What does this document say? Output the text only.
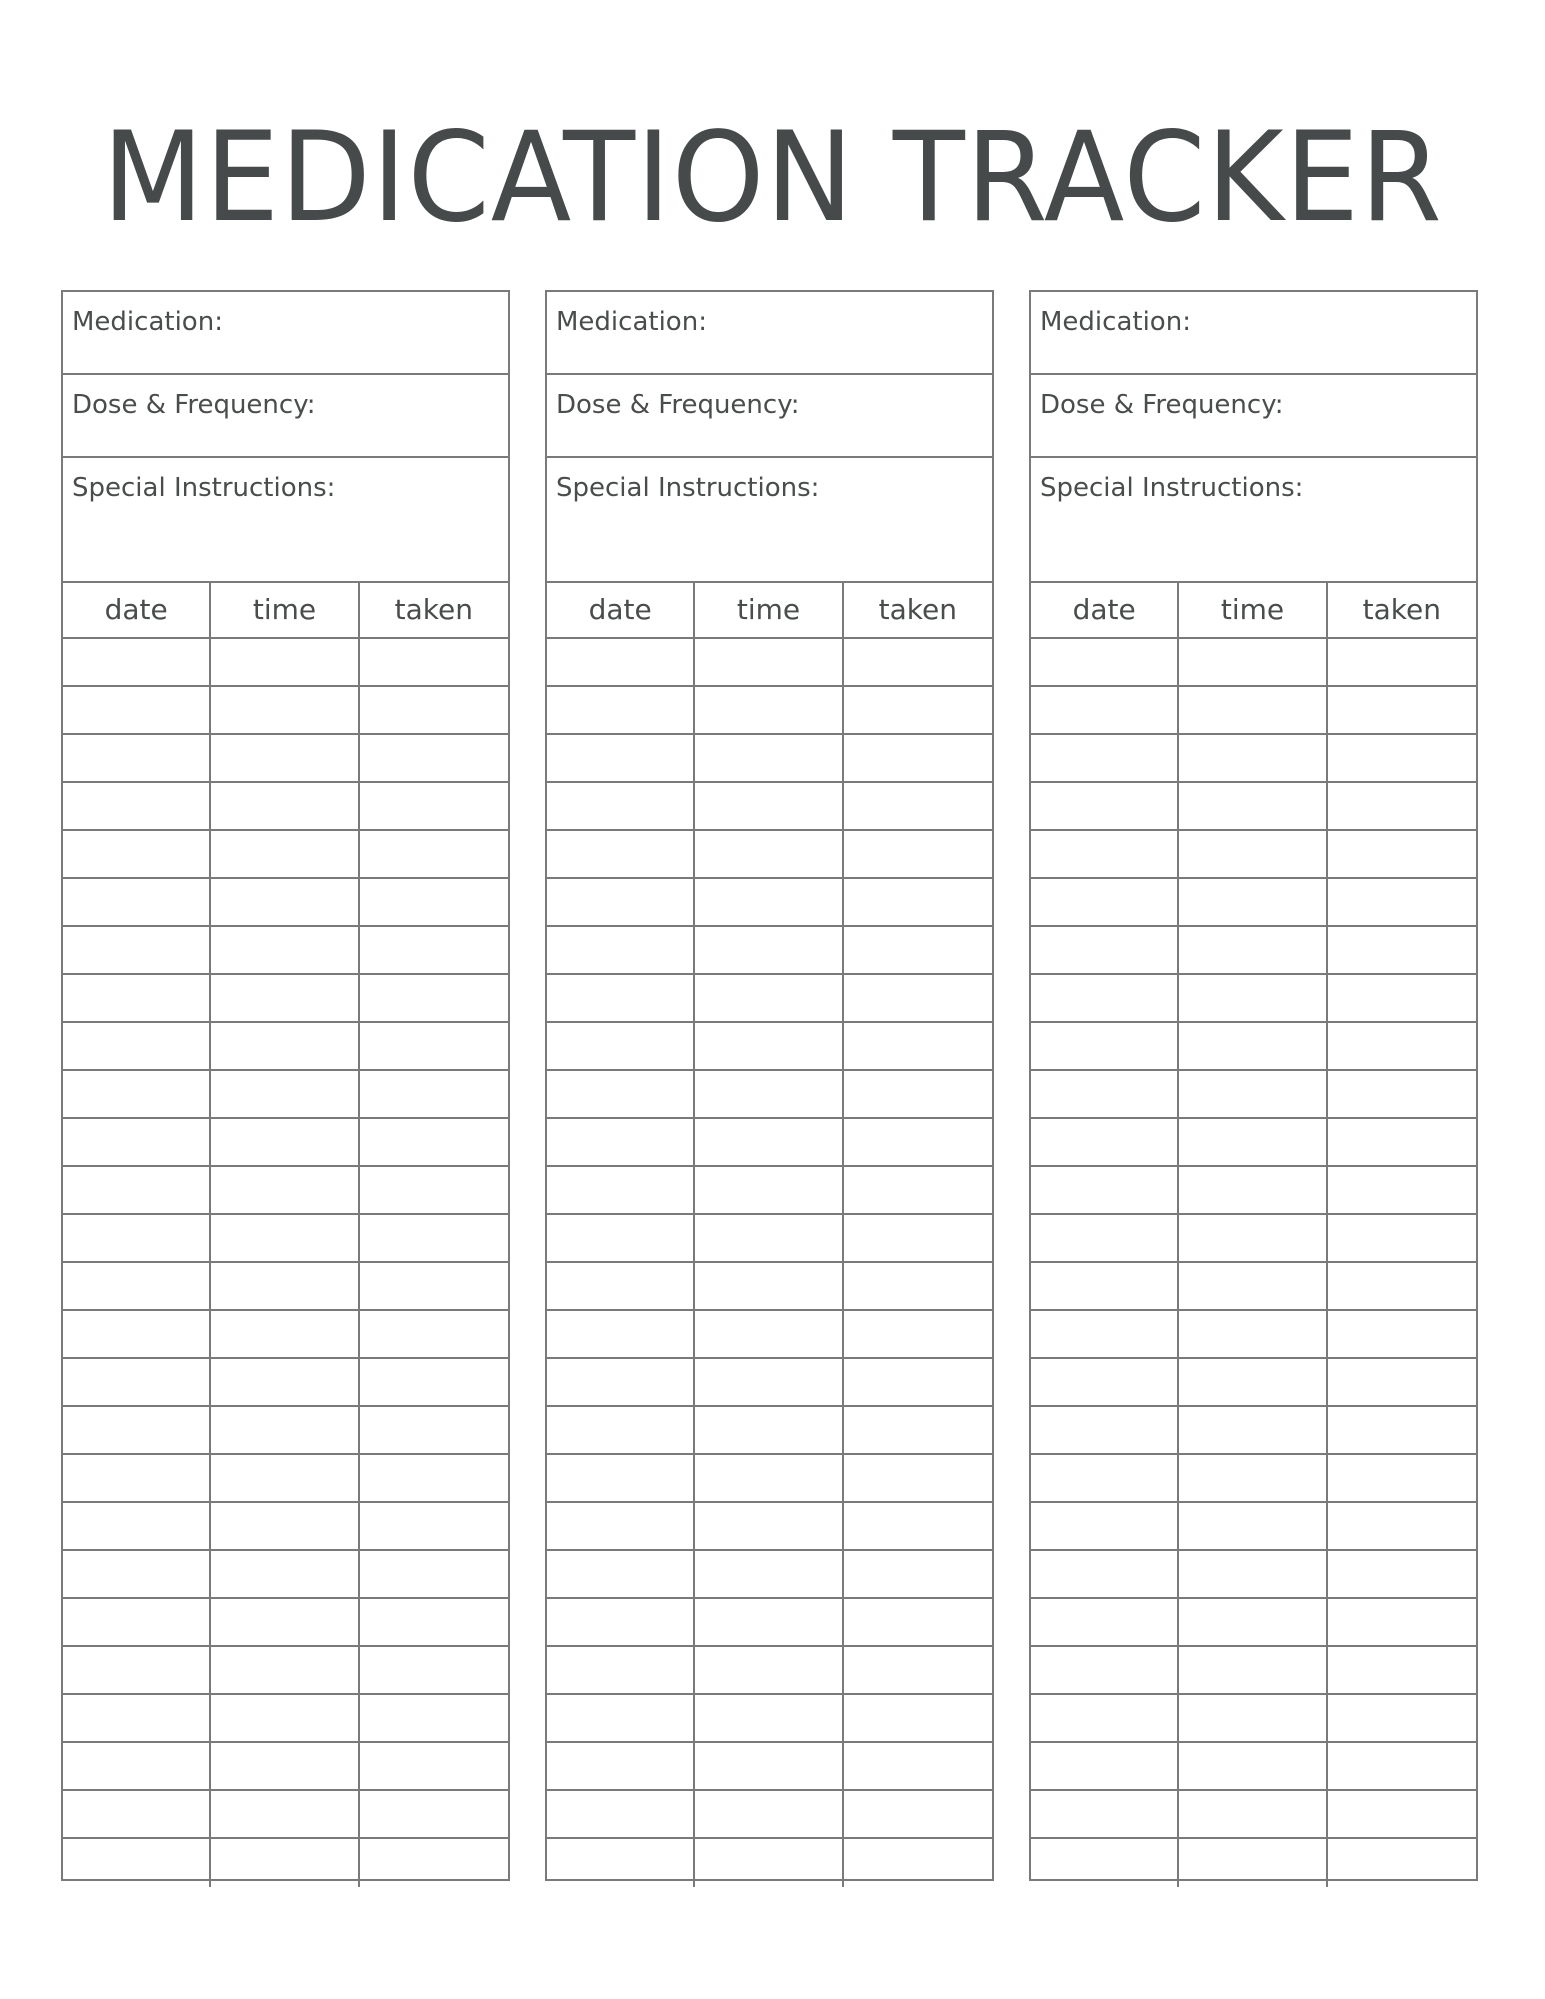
MEDICATION TRACKER
Medication:
Dose & Frequency:
Special Instructions:
date	time	taken
Medication:
Dose & Frequency:
Special Instructions:
date	time	taken
Medication:
Dose & Frequency:
Special Instructions:
date	time	taken
